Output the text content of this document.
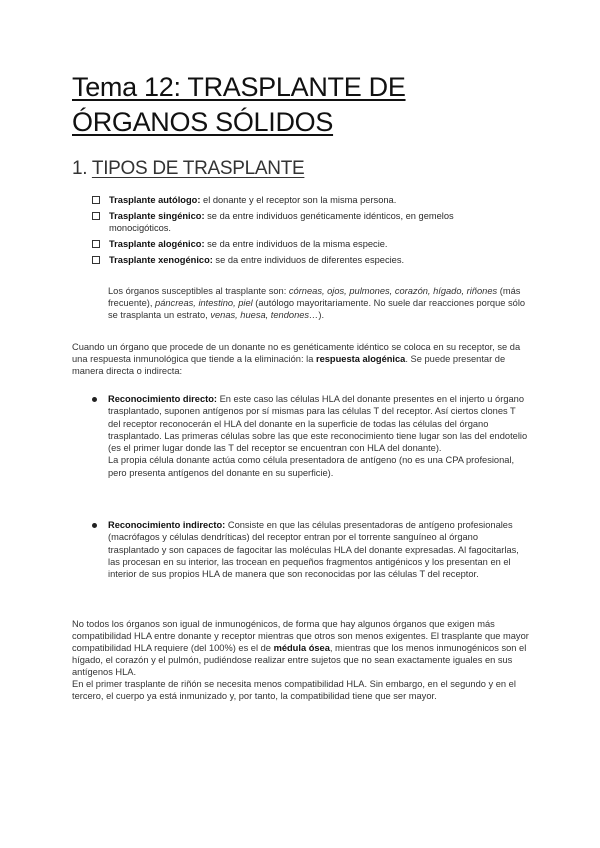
Tema 12: TRASPLANTE DE ÓRGANOS SÓLIDOS
1. TIPOS DE TRASPLANTE
Trasplante autólogo: el donante y el receptor son la misma persona.
Trasplante singénico: se da entre individuos genéticamente idénticos, en gemelos monocigóticos.
Trasplante alogénico: se da entre individuos de la misma especie.
Trasplante xenogénico: se da entre individuos de diferentes especies.
Los órganos susceptibles al trasplante son: córneas, ojos, pulmones, corazón, hígado, riñones (más frecuente), páncreas, intestino, piel (autólogo mayoritariamente. No suele dar reacciones porque sólo se trasplanta un estrato, venas, huesa, tendones…).
Cuando un órgano que procede de un donante no es genéticamente idéntico se coloca en su receptor, se da una respuesta inmunológica que tiende a la eliminación: la respuesta alogénica. Se puede presentar de manera directa o indirecta:
Reconocimiento directo: En este caso las células HLA del donante presentes en el injerto u órgano trasplantado, suponen antígenos por sí mismas para las células T del receptor. Así ciertos clones T del receptor reconocerán el HLA del donante en la superficie de todas las células del órgano trasplantado. Las primeras células sobre las que este reconocimiento tiene lugar son las del endotelio (es el primer lugar donde las T del receptor se encuentran con HLA del donante).
La propia célula donante actúa como célula presentadora de antígeno (no es una CPA profesional, pero presenta antígenos del donante en su superficie).
Reconocimiento indirecto: Consiste en que las células presentadoras de antígeno profesionales (macrófagos y células dendríticas) del receptor entran por el torrente sanguíneo al órgano trasplantado y son capaces de fagocitar las moléculas HLA del donante expresadas. Al fagocitarlas, las procesan en su interior, las trocean en pequeños fragmentos antigénicos y los presentan en el interior de sus propios HLA de manera que son reconocidas por las células T del receptor.
No todos los órganos son igual de inmunogénicos, de forma que hay algunos órganos que exigen más compatibilidad HLA entre donante y receptor mientras que otros son menos exigentes. El trasplante que mayor compatibilidad HLA requiere (del 100%) es el de médula ósea, mientras que los menos inmunogénicos son el hígado, el corazón y el pulmón, pudiéndose realizar entre sujetos que no sean exactamente iguales en sus antígenos HLA.
En el primer trasplante de riñón se necesita menos compatibilidad HLA. Sin embargo, en el segundo y en el tercero, el cuerpo ya está inmunizado y, por tanto, la compatibilidad tiene que ser mayor.
